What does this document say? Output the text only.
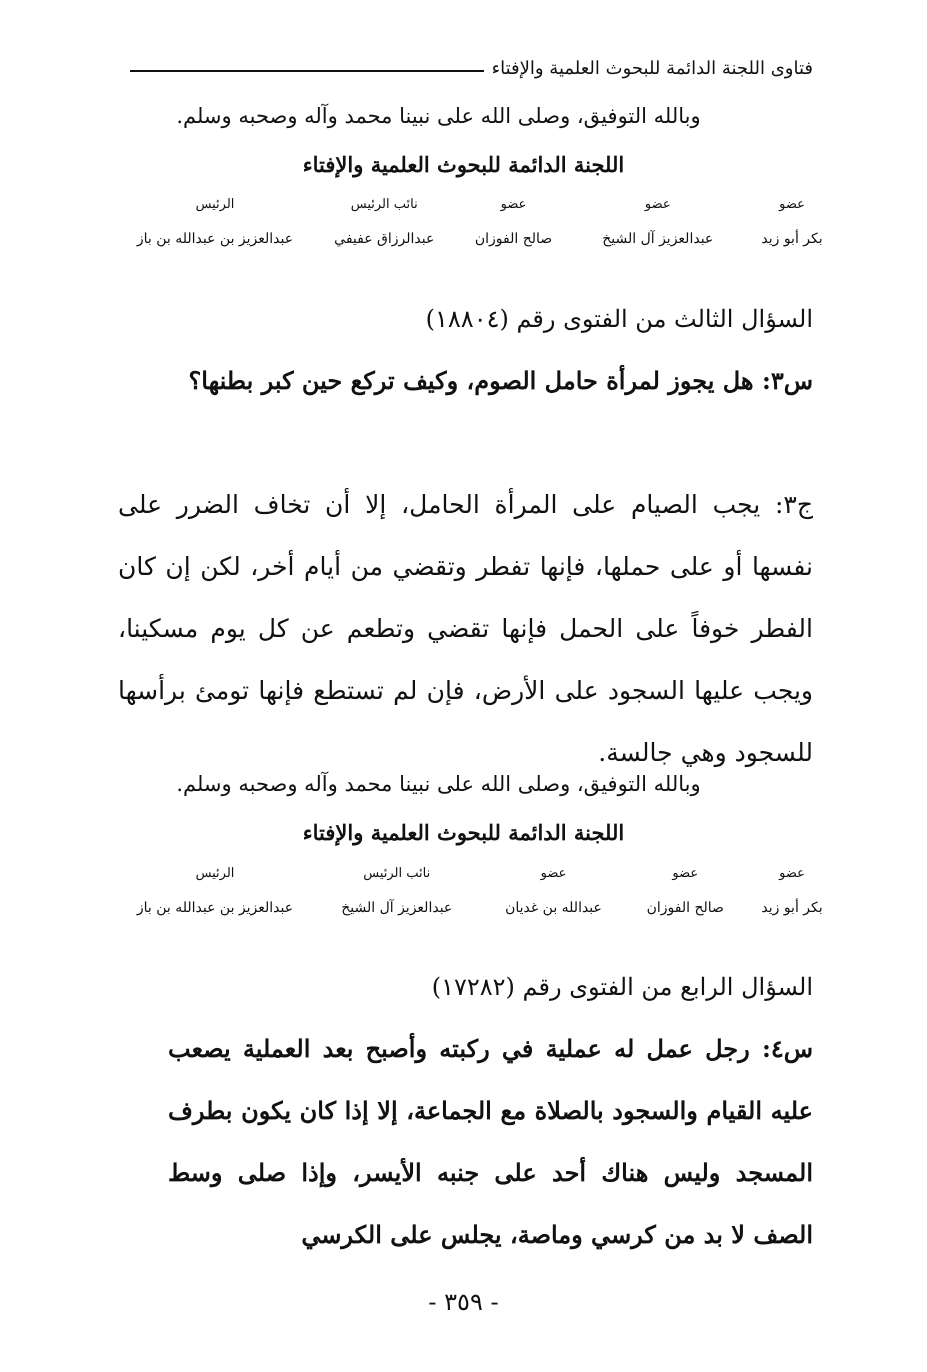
فتاوى اللجنة الدائمة للبحوث العلمية والإفتاء
وبالله التوفيق، وصلى الله على نبينا محمد وآله وصحبه وسلم.
اللجنة الدائمة للبحوث العلمية والإفتاء
عضو
عضو
عضو
نائب الرئيس
الرئيس
بكر أبو زيد
عبدالعزيز آل الشيخ
صالح الفوزان
عبدالرزاق عفيفي
عبدالعزيز بن عبدالله بن باز
السؤال الثالث من الفتوى رقم (١٨٨٠٤)
س٣: هل يجوز لمرأة حامل الصوم، وكيف تركع حين كبر بطنها؟
ج٣: يجب الصيام على المرأة الحامل، إلا أن تخاف الضرر على نفسها أو على حملها، فإنها تفطر وتقضي من أيام أخر، لكن إن كان الفطر خوفاً على الحمل فإنها تقضي وتطعم عن كل يوم مسكينا، ويجب عليها السجود على الأرض، فإن لم تستطع فإنها تومئ برأسها للسجود وهي جالسة.
وبالله التوفيق، وصلى الله على نبينا محمد وآله وصحبه وسلم.
اللجنة الدائمة للبحوث العلمية والإفتاء
عضو
عضو
عضو
نائب الرئيس
الرئيس
بكر أبو زيد
صالح الفوزان
عبدالله بن غديان
عبدالعزيز آل الشيخ
عبدالعزيز بن عبدالله بن باز
السؤال الرابع من الفتوى رقم (١٧٢٨٢)
س٤: رجل عمل له عملية في ركبته وأصبح بعد العملية يصعب عليه القيام والسجود بالصلاة مع الجماعة، إلا إذا كان يكون بطرف المسجد وليس هناك أحد على جنبه الأيسر، وإذا صلى وسط الصف لا بد من كرسي وماصة، يجلس على الكرسي
- ٣٥٩ -
